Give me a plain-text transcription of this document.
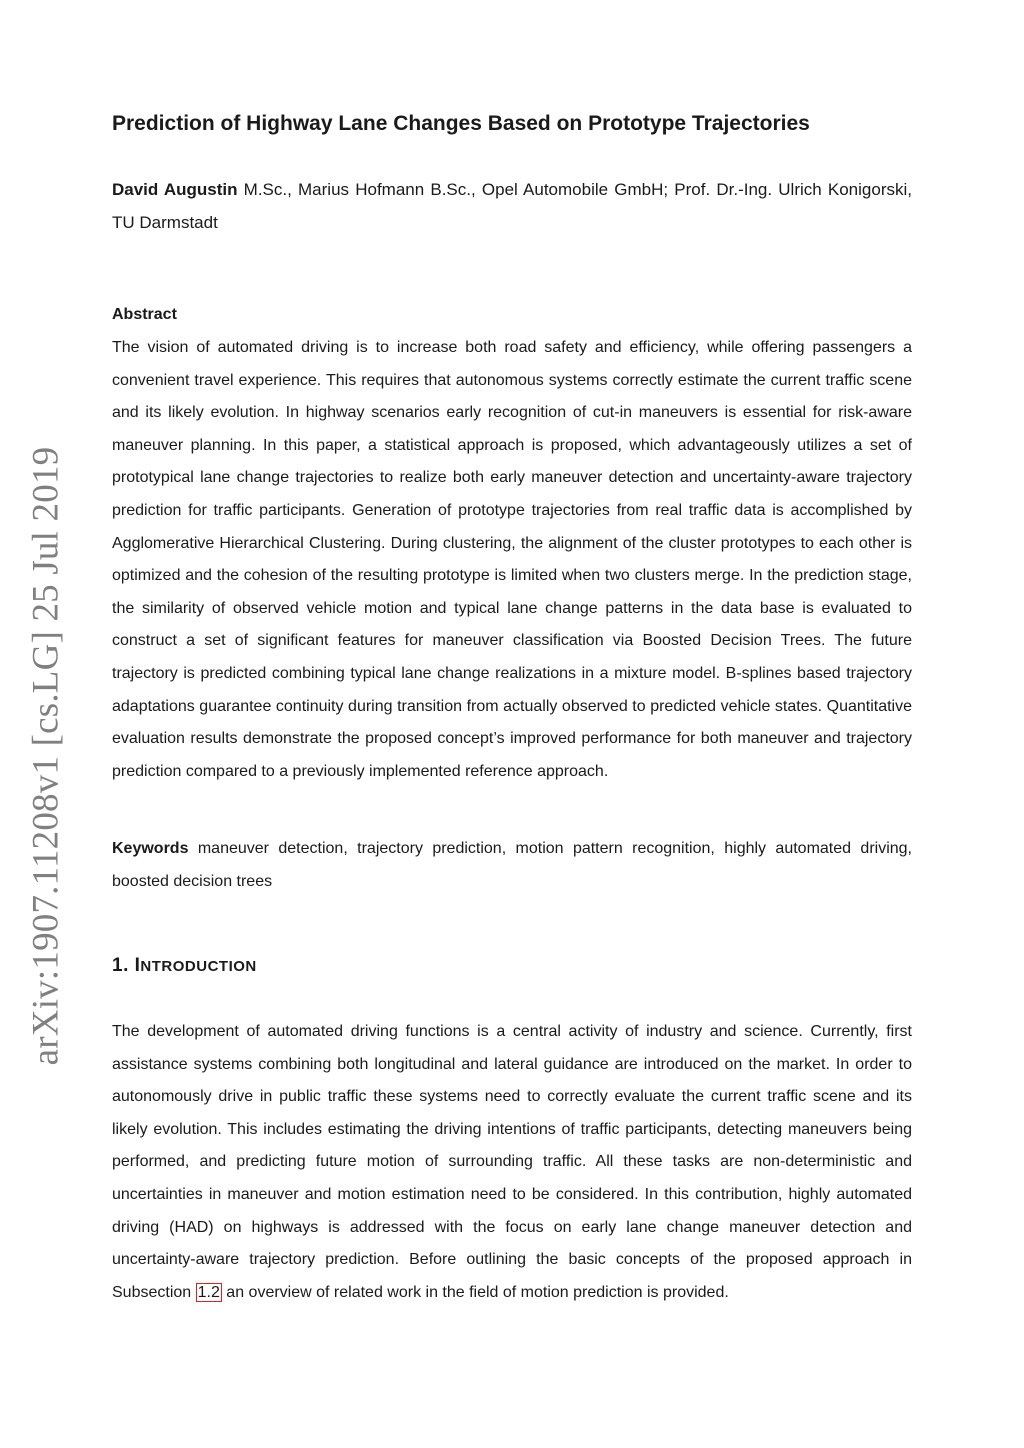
arXiv:1907.11208v1 [cs.LG] 25 Jul 2019
Prediction of Highway Lane Changes Based on Prototype Trajectories

David Augustin M.Sc., Marius Hofmann B.Sc., Opel Automobile GmbH; Prof. Dr.-Ing. Ulrich Konigorski, TU Darmstadt

Abstract

The vision of automated driving is to increase both road safety and efficiency, while offering passengers a convenient travel experience. This requires that autonomous systems correctly estimate the current traffic scene and its likely evolution. In highway scenarios early recognition of cut-in maneuvers is essential for risk-aware maneuver planning. In this paper, a statistical approach is proposed, which advantageously utilizes a set of prototypical lane change trajectories to realize both early maneuver detection and uncertainty-aware trajectory prediction for traffic participants. Generation of prototype trajectories from real traffic data is accomplished by Agglomerative Hierarchical Clustering. During clustering, the alignment of the cluster prototypes to each other is optimized and the cohesion of the resulting prototype is limited when two clusters merge. In the prediction stage, the similarity of observed vehicle motion and typical lane change patterns in the data base is evaluated to construct a set of significant features for maneuver classification via Boosted Decision Trees. The future trajectory is predicted combining typical lane change realizations in a mixture model. B-splines based trajectory adaptations guarantee continuity during transition from actually observed to predicted vehicle states. Quantitative evaluation results demonstrate the proposed concept’s improved performance for both maneuver and trajectory prediction compared to a previously implemented reference approach.

Keywords maneuver detection, trajectory prediction, motion pattern recognition, highly automated driving, boosted decision trees

1. INTRODUCTION

The development of automated driving functions is a central activity of industry and science. Currently, first assistance systems combining both longitudinal and lateral guidance are introduced on the market. In order to autonomously drive in public traffic these systems need to correctly evaluate the current traffic scene and its likely evolution. This includes estimating the driving intentions of traffic participants, detecting maneuvers being performed, and predicting future motion of surrounding traffic. All these tasks are non-deterministic and uncertainties in maneuver and motion estimation need to be considered. In this contribution, highly automated driving (HAD) on highways is addressed with the focus on early lane change maneuver detection and uncertainty-aware trajectory prediction. Before outlining the basic concepts of the proposed approach in Subsection 1.2 an overview of related work in the field of motion prediction is provided.
